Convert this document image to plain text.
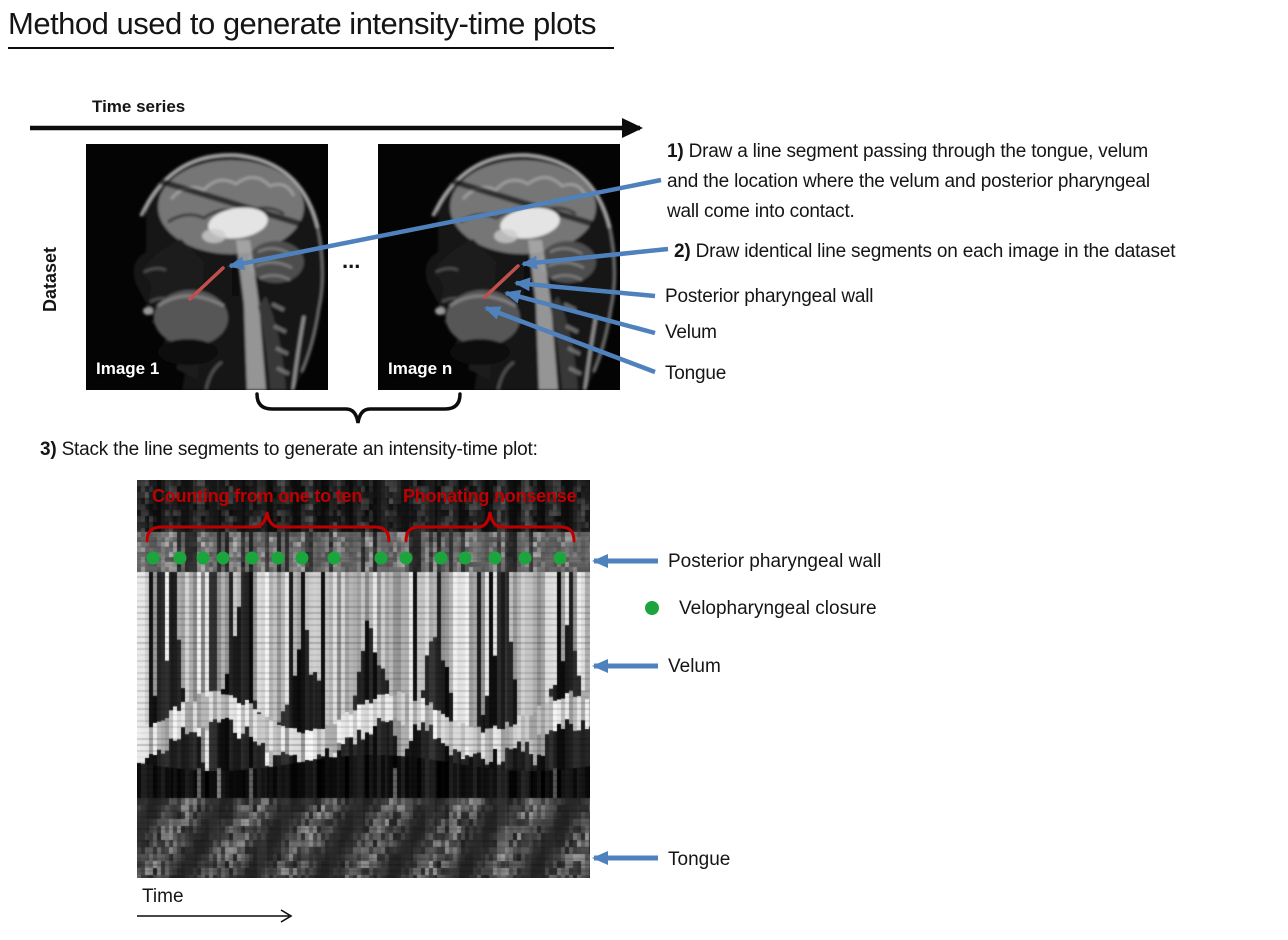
Method used to generate intensity-time plots
Time series
Dataset
Image 1	Image n
...
Counting from one to ten Phonating nonsense
1) Draw a line segment passing through the tongue, velum
and the location where the velum and posterior pharyngeal
wall come into contact.
2) Draw identical line segments on each image in the dataset
3) Stack the line segments to generate an intensity-time plot:
Posterior pharyngeal wall
Velum
Tongue
Posterior pharyngeal wall
Velopharyngeal closure
Velum
Tongue
Time
